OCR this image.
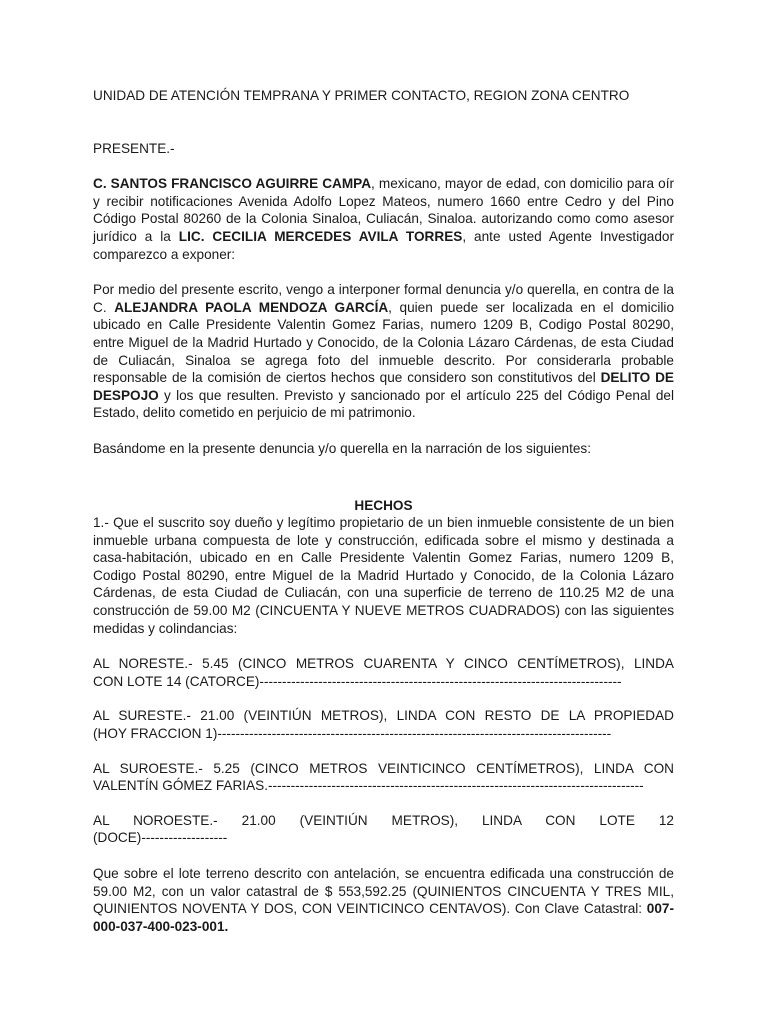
UNIDAD DE ATENCIÓN TEMPRANA Y PRIMER CONTACTO, REGION ZONA CENTRO

PRESENTE.-

C. SANTOS FRANCISCO AGUIRRE CAMPA, mexicano, mayor de edad, con domicilio para oír y recibir notificaciones Avenida Adolfo Lopez Mateos, numero 1660 entre Cedro y del Pino Código Postal 80260 de la Colonia Sinaloa, Culiacán, Sinaloa. autorizando como como asesor jurídico a la LIC. CECILIA MERCEDES AVILA TORRES, ante usted Agente Investigador comparezco a exponer:

Por medio del presente escrito, vengo a interponer formal denuncia y/o querella, en contra de la C. ALEJANDRA PAOLA MENDOZA GARCÍA, quien puede ser localizada en el domicilio ubicado en Calle Presidente Valentin Gomez Farias, numero 1209 B, Codigo Postal 80290, entre Miguel de la Madrid Hurtado y Conocido, de la Colonia Lázaro Cárdenas, de esta Ciudad de Culiacán, Sinaloa se agrega foto del inmueble descrito. Por considerarla probable responsable de la comisión de ciertos hechos que considero son constitutivos del DELITO DE DESPOJO y los que resulten. Previsto y sancionado por el artículo 225 del Código Penal del Estado, delito cometido en perjuicio de mi patrimonio.

Basándome en la presente denuncia y/o querella en la narración de los siguientes:

HECHOS

1.- Que el suscrito soy dueño y legítimo propietario de un bien inmueble consistente de un bien inmueble urbana compuesta de lote y construcción, edificada sobre el mismo y destinada a casa-habitación, ubicado en en Calle Presidente Valentin Gomez Farias, numero 1209 B, Codigo Postal 80290, entre Miguel de la Madrid Hurtado y Conocido, de la Colonia Lázaro Cárdenas, de esta Ciudad de Culiacán, con una superficie de terreno de 110.25 M2 de una construcción de 59.00 M2 (CINCUENTA Y NUEVE METROS CUADRADOS) con las siguientes medidas y colindancias:

AL NORESTE.- 5.45 (CINCO METROS CUARENTA Y CINCO CENTÍMETROS), LINDA

CON LOTE 14 (CATORCE)--------------------------------------------------------------------------------

AL SURESTE.- 21.00 (VEINTIÚN METROS), LINDA CON RESTO DE LA PROPIEDAD

(HOY FRACCION 1)---------------------------------------------------------------------------------------

AL SUROESTE.- 5.25 (CINCO METROS VEINTICINCO CENTÍMETROS), LINDA CON

VALENTÍN GÓMEZ FARIAS.-----------------------------------------------------------------------------------

AL NOROESTE.- 21.00 (VEINTIÚN METROS), LINDA CON LOTE 12

(DOCE)-------------------

Que sobre el lote terreno descrito con antelación, se encuentra edificada una construcción de 59.00 M2, con un valor catastral de $ 553,592.25 (QUINIENTOS CINCUENTA Y TRES MIL, QUINIENTOS NOVENTA Y DOS, CON VEINTICINCO CENTAVOS). Con Clave Catastral: 007-000-037-400-023-001.
